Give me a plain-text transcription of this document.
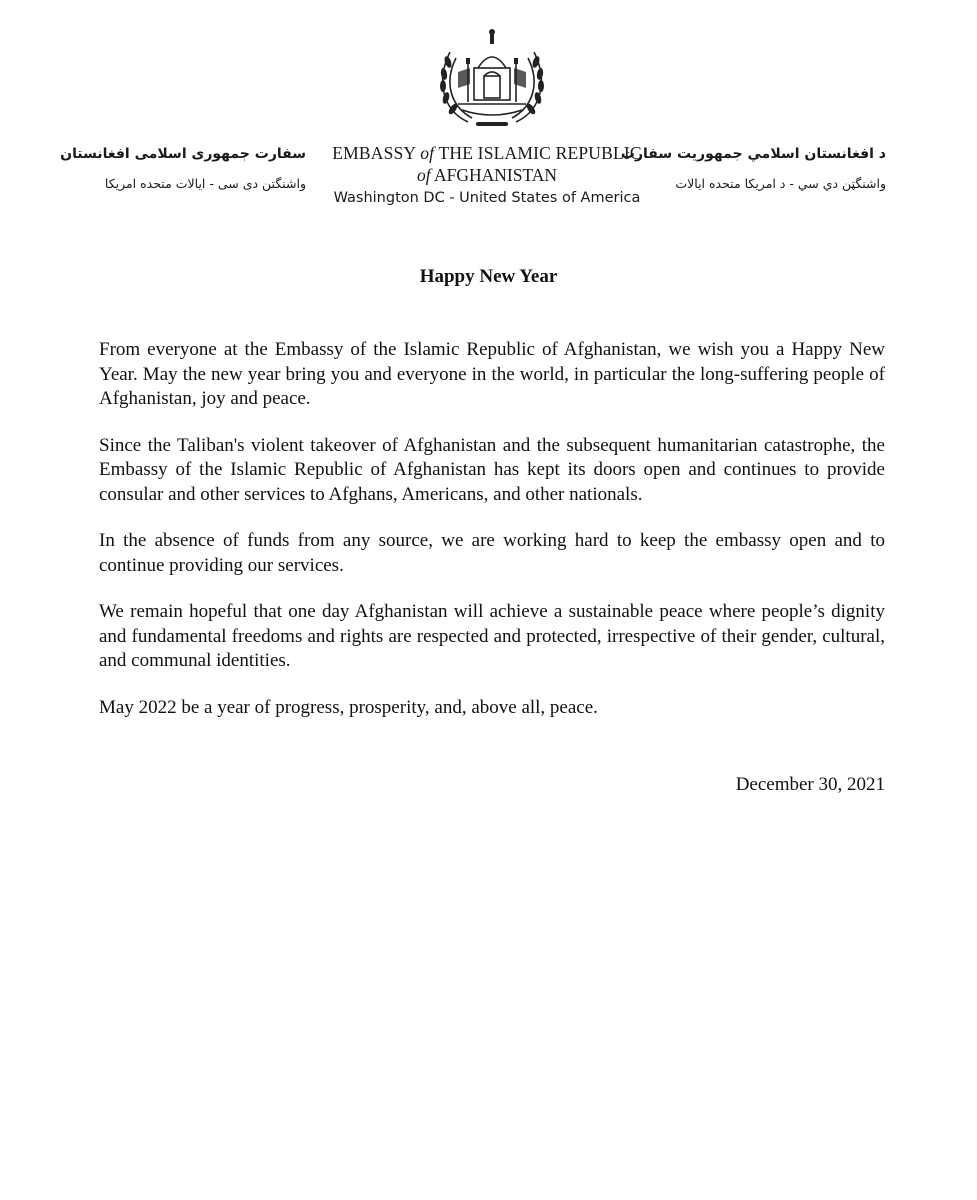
سفارت جمهوری اسلامی افغانستان
واشنگتن دی سی - ایالات متحده امریکا
EMBASSY of THE ISLAMIC REPUBLIC
of AFGHANISTAN
Washington DC - United States of America
د افغانستان اسلامي جمهوريت سفارت
واشنگټن دي سي - د امريكا متحده ايالات
Happy New Year

From everyone at the Embassy of the Islamic Republic of Afghanistan, we wish you a Happy New Year. May the new year bring you and everyone in the world, in particular the long-suffering people of Afghanistan, joy and peace.

Since the Taliban's violent takeover of Afghanistan and the subsequent humanitarian catastrophe, the Embassy of the Islamic Republic of Afghanistan has kept its doors open and continues to provide consular and other services to Afghans, Americans, and other nationals.

In the absence of funds from any source, we are working hard to keep the embassy open and to continue providing our services.

We remain hopeful that one day Afghanistan will achieve a sustainable peace where people’s dignity and fundamental freedoms and rights are respected and protected, irrespective of their gender, cultural, and communal identities.

May 2022 be a year of progress, prosperity, and, above all, peace.

December 30, 2021
